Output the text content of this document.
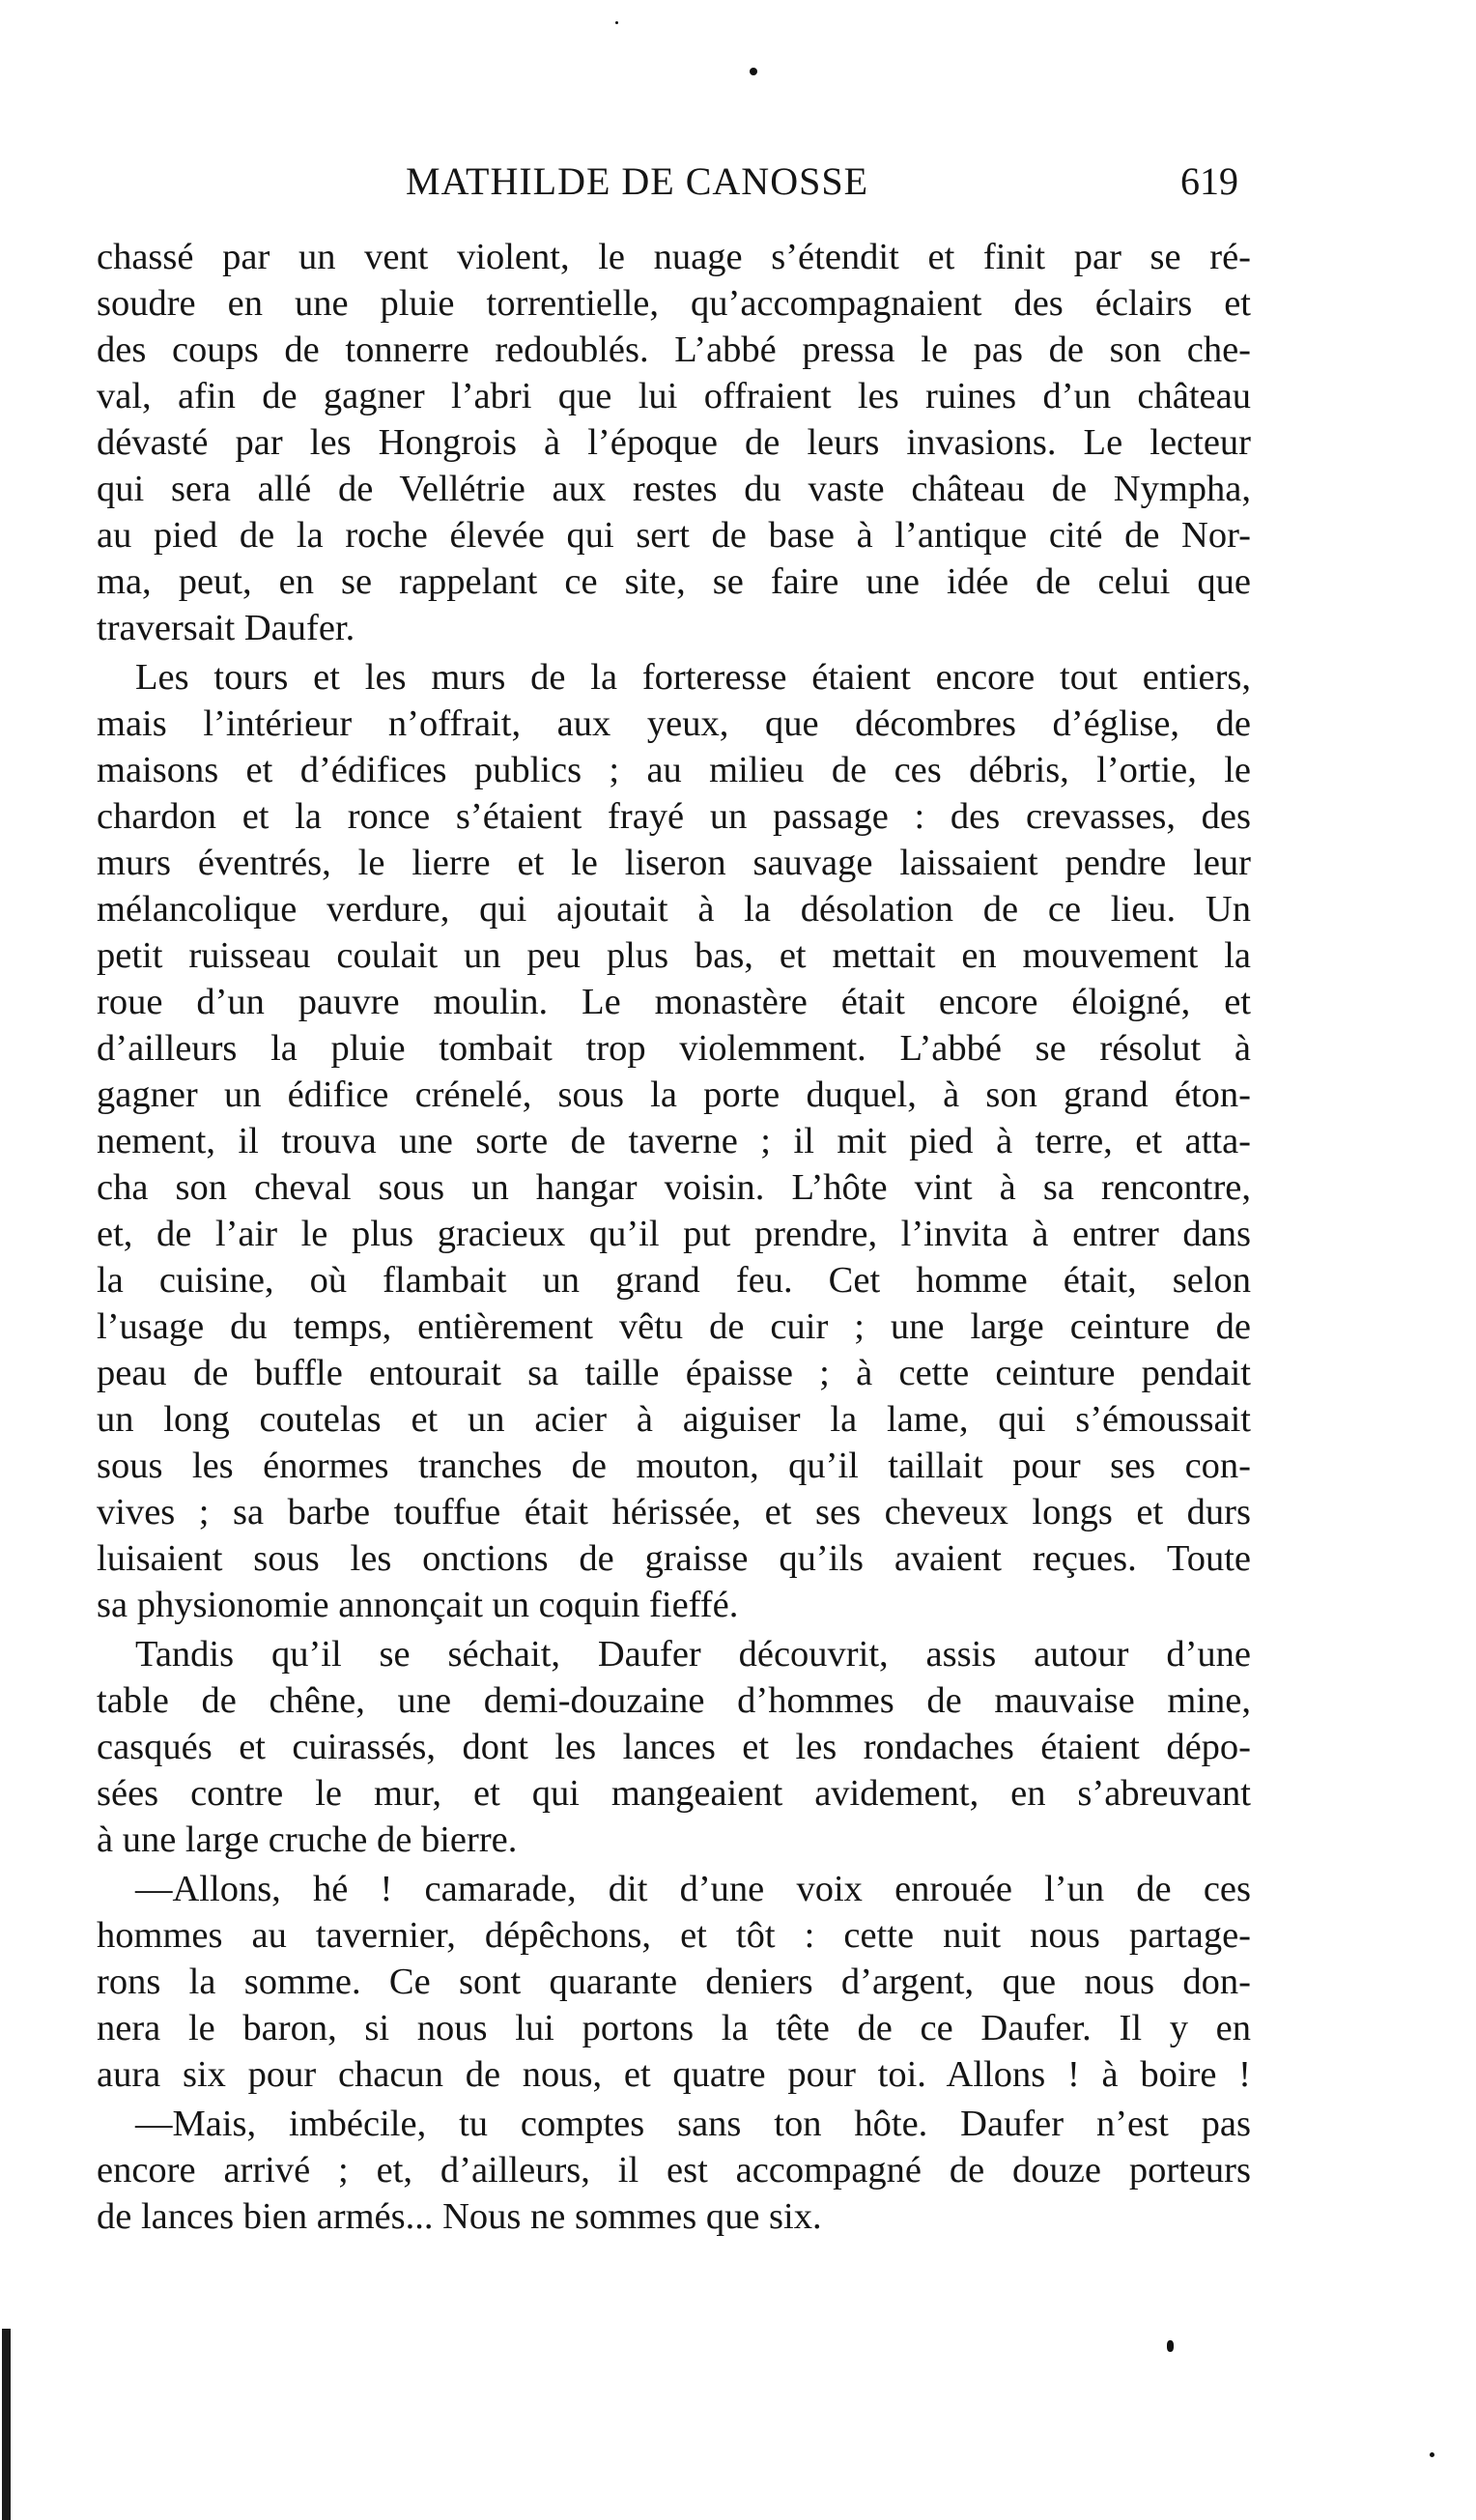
MATHILDE DE CANOSSE	619
chassé par un vent violent, le nuage s’étendit et finit par se ré-
soudre en une pluie torrentielle, qu’accompagnaient des éclairs et
des coups de tonnerre redoublés. L’abbé pressa le pas de son che-
val, afin de gagner l’abri que lui offraient les ruines d’un château
dévasté par les Hongrois à l’époque de leurs invasions. Le lecteur
qui sera allé de Vellétrie aux restes du vaste château de Nympha,
au pied de la roche élevée qui sert de base à l’antique cité de Nor-
ma, peut, en se rappelant ce site, se faire une idée de celui que
traversait Daufer.
Les tours et les murs de la forteresse étaient encore tout entiers,
mais l’intérieur n’offrait, aux yeux, que décombres d’église, de
maisons et d’édifices publics ; au milieu de ces débris, l’ortie, le
chardon et la ronce s’étaient frayé un passage : des crevasses, des
murs éventrés, le lierre et le liseron sauvage laissaient pendre leur
mélancolique verdure, qui ajoutait à la désolation de ce lieu. Un
petit ruisseau coulait un peu plus bas, et mettait en mouvement la
roue d’un pauvre moulin. Le monastère était encore éloigné, et
d’ailleurs la pluie tombait trop violemment. L’abbé se résolut à
gagner un édifice crénelé, sous la porte duquel, à son grand éton-
nement, il trouva une sorte de taverne ; il mit pied à terre, et atta-
cha son cheval sous un hangar voisin. L’hôte vint à sa rencontre,
et, de l’air le plus gracieux qu’il put prendre, l’invita à entrer dans
la cuisine, où flambait un grand feu. Cet homme était, selon
l’usage du temps, entièrement vêtu de cuir ; une large ceinture de
peau de buffle entourait sa taille épaisse ; à cette ceinture pendait
un long coutelas et un acier à aiguiser la lame, qui s’émoussait
sous les énormes tranches de mouton, qu’il taillait pour ses con-
vives ; sa barbe touffue était hérissée, et ses cheveux longs et durs
luisaient sous les onctions de graisse qu’ils avaient reçues. Toute
sa physionomie annonçait un coquin fieffé.
Tandis qu’il se séchait, Daufer découvrit, assis autour d’une
table de chêne, une demi-douzaine d’hommes de mauvaise mine,
casqués et cuirassés, dont les lances et les rondaches étaient dépo-
sées contre le mur, et qui mangeaient avidement, en s’abreuvant
à une large cruche de bierre.
—Allons, hé ! camarade, dit d’une voix enrouée l’un de ces
hommes au tavernier, dépêchons, et tôt : cette nuit nous partage-
rons la somme. Ce sont quarante deniers d’argent, que nous don-
nera le baron, si nous lui portons la tête de ce Daufer. Il y en
aura six pour chacun de nous, et quatre pour toi. Allons ! à boire !
—Mais, imbécile, tu comptes sans ton hôte. Daufer n’est pas
encore arrivé ; et, d’ailleurs, il est accompagné de douze porteurs
de lances bien armés... Nous ne sommes que six.
